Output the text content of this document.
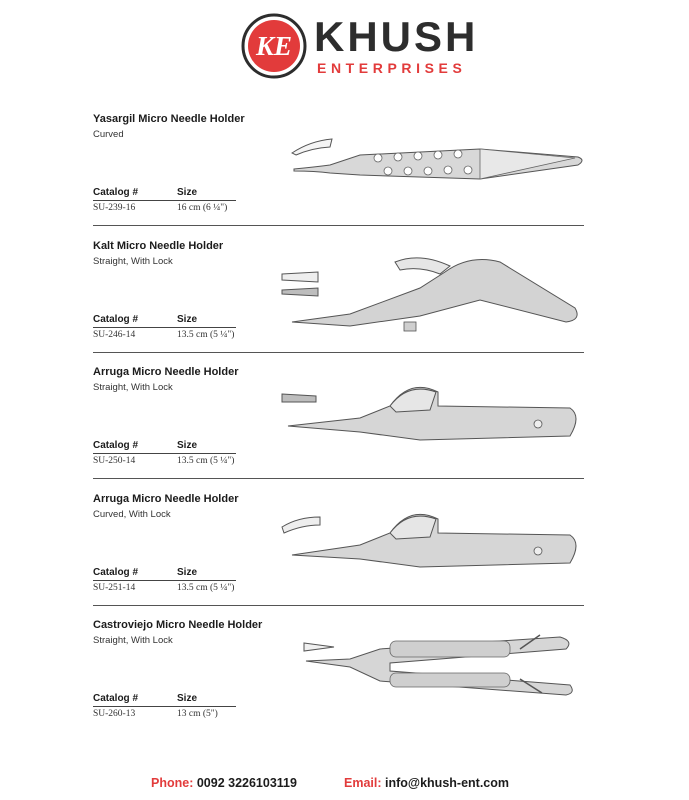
KE KHUSH
ENTERPRISES
Yasargil Micro Needle Holder
Curved
Catalog #	Size
SU-239-16	16 cm (6 ¼")
Kalt Micro Needle Holder
Straight, With Lock
Catalog #	Size
SU-246-14	13.5 cm (5 ¼")
Arruga Micro Needle Holder
Straight, With Lock
Catalog #	Size
SU-250-14	13.5 cm (5 ¼")
Arruga Micro Needle Holder
Curved, With Lock
Catalog #	Size
SU-251-14	13.5 cm (5 ¼")
Castroviejo Micro Needle Holder
Straight, With Lock
Catalog #	Size
SU-260-13	13 cm (5")
Phone: 0092 3226103119	Email: info@khush-ent.com
